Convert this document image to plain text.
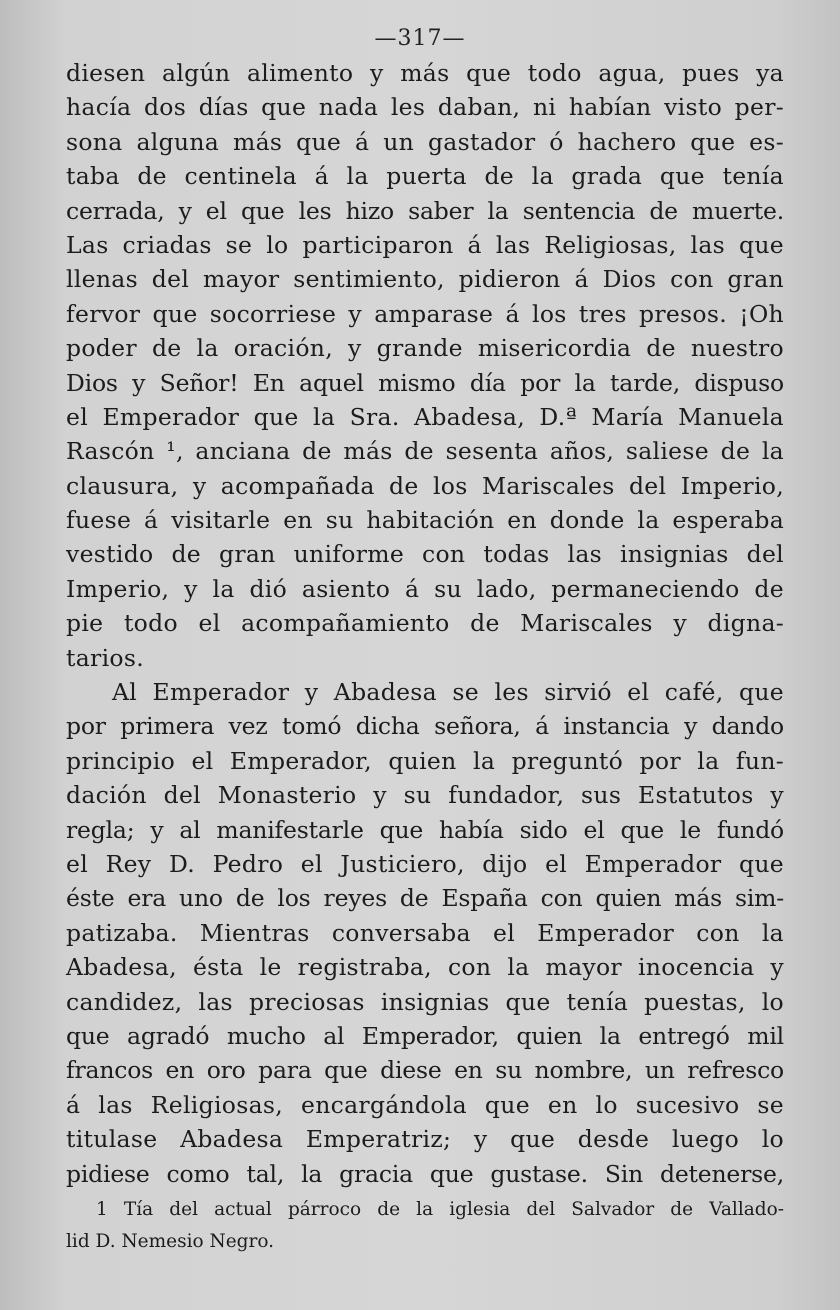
—317—
diesen algún alimento y más que todo agua, pues ya
hacía dos días que nada les daban, ni habían visto per-
sona alguna más que á un gastador ó hachero que es-
taba de centinela á la puerta de la grada que tenía
cerrada, y el que les hizo saber la sentencia de muerte.
Las criadas se lo participaron á las Religiosas, las que
llenas del mayor sentimiento, pidieron á Dios con gran
fervor que socorriese y amparase á los tres presos. ¡Oh
poder de la oración, y grande misericordia de nuestro
Dios y Señor! En aquel mismo día por la tarde, dispuso
el Emperador que la Sra. Abadesa, D.ª María Manuela
Rascón ¹, anciana de más de sesenta años, saliese de la
clausura, y acompañada de los Mariscales del Imperio,
fuese á visitarle en su habitación en donde la esperaba
vestido de gran uniforme con todas las insignias del
Imperio, y la dió asiento á su lado, permaneciendo de
pie todo el acompañamiento de Mariscales y digna-
tarios.
Al Emperador y Abadesa se les sirvió el café, que
por primera vez tomó dicha señora, á instancia y dando
principio el Emperador, quien la preguntó por la fun-
dación del Monasterio y su fundador, sus Estatutos y
regla; y al manifestarle que había sido el que le fundó
el Rey D. Pedro el Justiciero, dijo el Emperador que
éste era uno de los reyes de España con quien más sim-
patizaba. Mientras conversaba el Emperador con la
Abadesa, ésta le registraba, con la mayor inocencia y
candidez, las preciosas insignias que tenía puestas, lo
que agradó mucho al Emperador, quien la entregó mil
francos en oro para que diese en su nombre, un refresco
á las Religiosas, encargándola que en lo sucesivo se
titulase Abadesa Emperatriz; y que desde luego lo
pidiese como tal, la gracia que gustase. Sin detenerse,
1 Tía del actual párroco de la iglesia del Salvador de Vallado-
lid D. Nemesio Negro.
